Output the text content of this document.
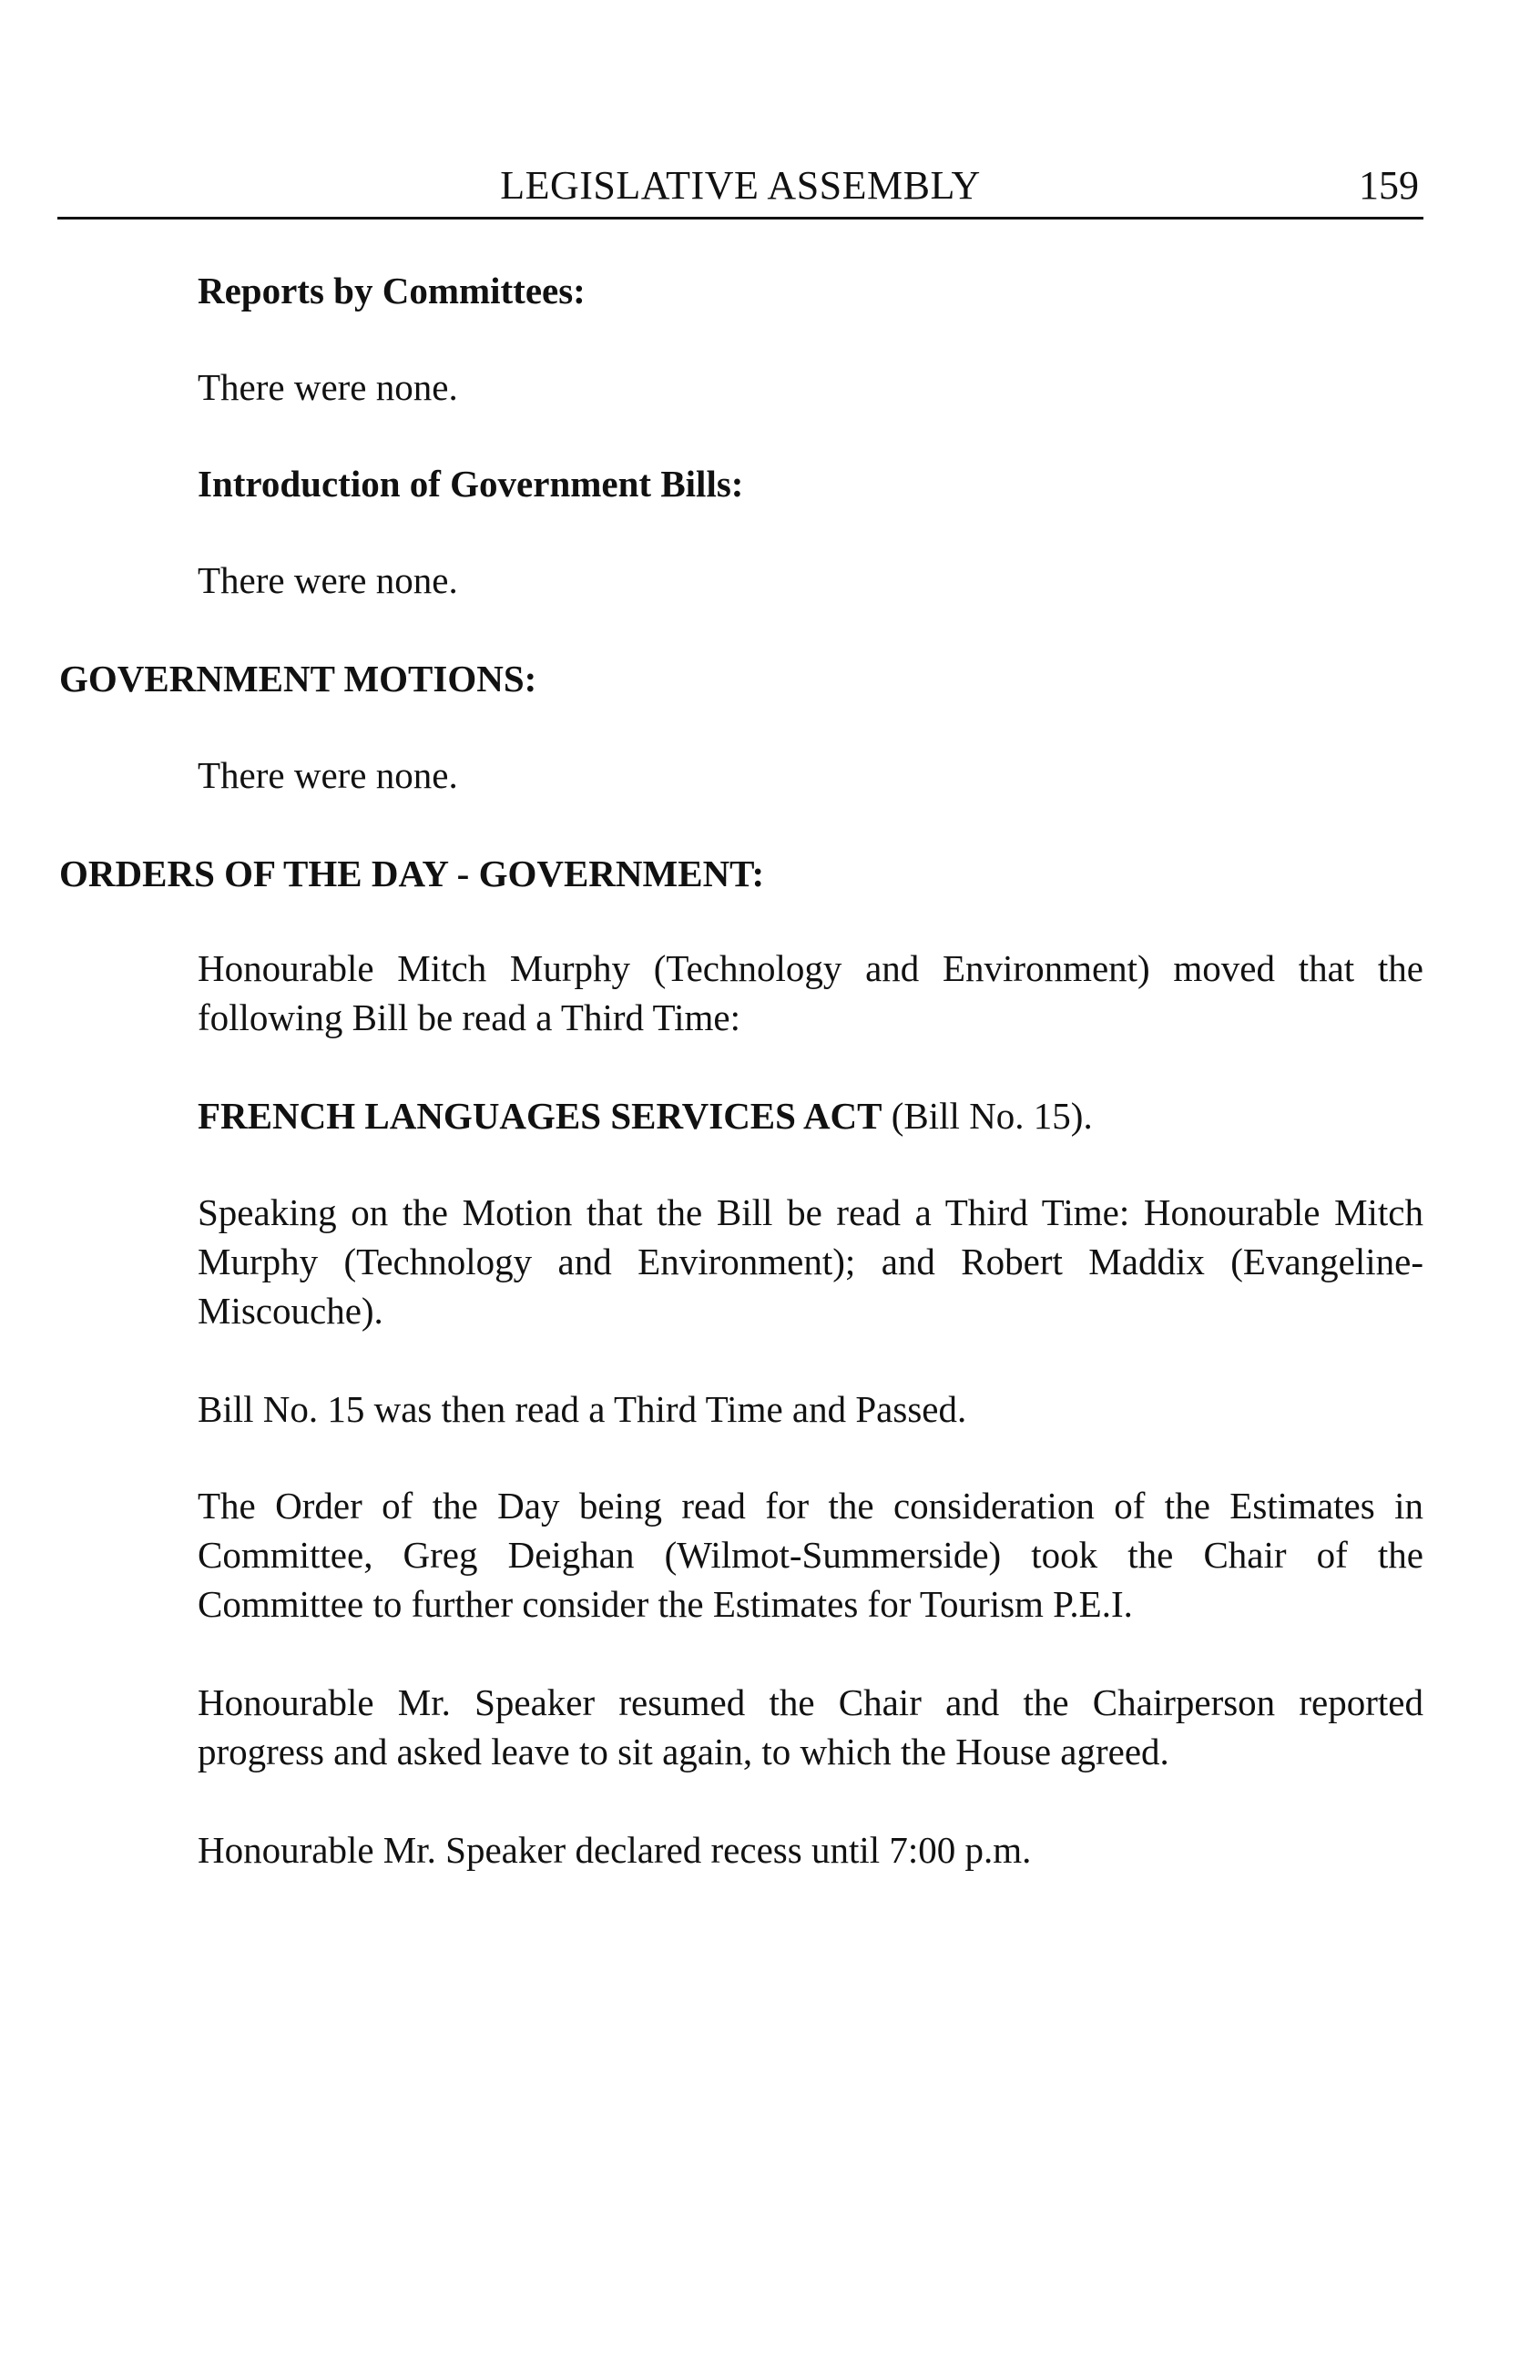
LEGISLATIVE ASSEMBLY	159
Reports by Committees:
There were none.
Introduction of Government Bills:
There were none.
GOVERNMENT MOTIONS:
There were none.
ORDERS OF THE DAY - GOVERNMENT:
Honourable Mitch Murphy (Technology and Environment) moved that the following Bill be read a Third Time:
FRENCH LANGUAGES SERVICES ACT (Bill No. 15).
Speaking on the Motion that the Bill be read a Third Time: Honourable Mitch Murphy (Technology and Environment); and Robert Maddix (Evangeline-Miscouche).
Bill No. 15 was then read a Third Time and Passed.
The Order of the Day being read for the consideration of the Estimates in Committee, Greg Deighan (Wilmot-Summerside) took the Chair of the Committee to further consider the Estimates for Tourism P.E.I.
Honourable Mr. Speaker resumed the Chair and the Chairperson reported progress and asked leave to sit again, to which the House agreed.
Honourable Mr. Speaker declared recess until 7:00 p.m.
